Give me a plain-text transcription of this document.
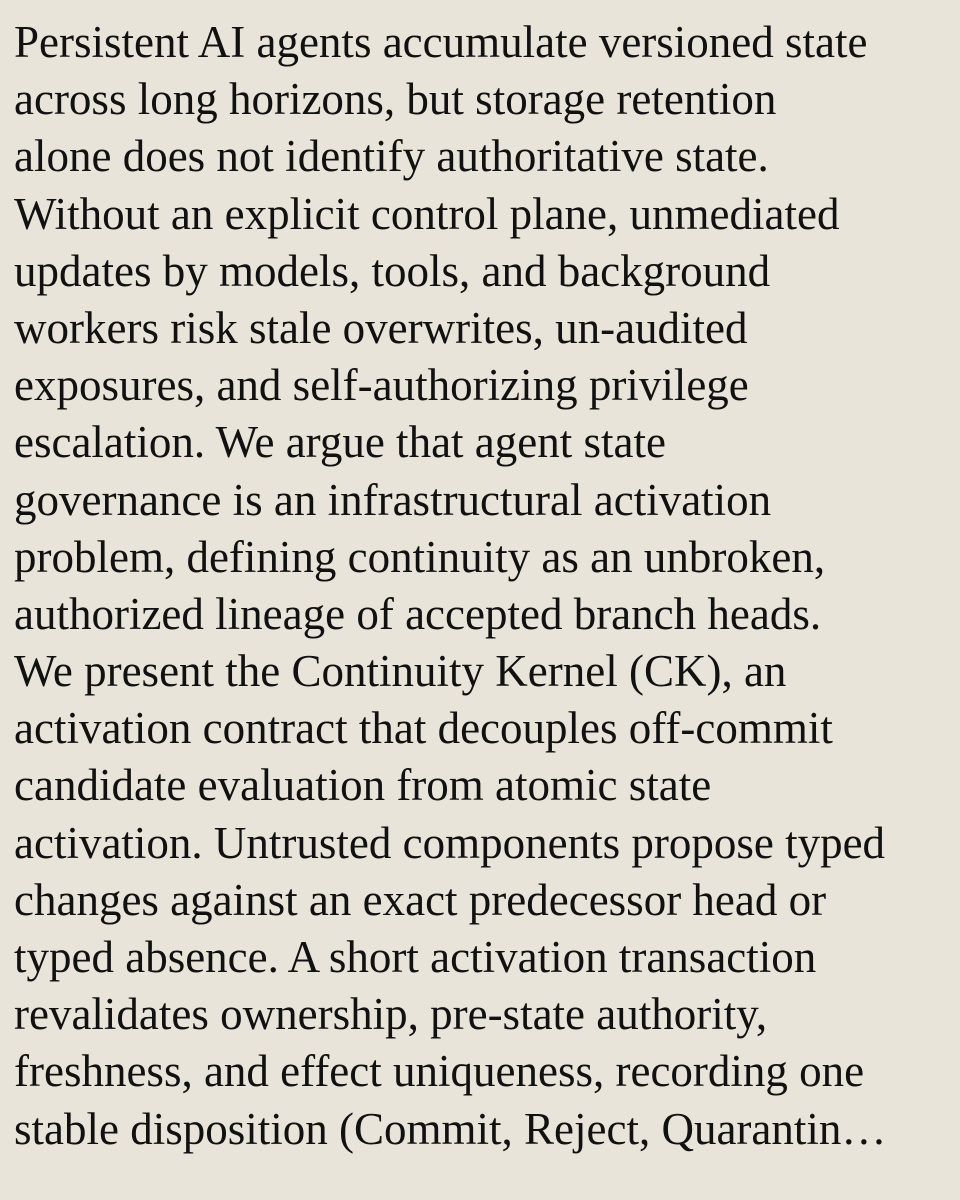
Persistent AI agents accumulate versioned state
across long horizons, but storage retention
alone does not identify authoritative state.
Without an explicit control plane, unmediated
updates by models, tools, and background
workers risk stale overwrites, un-audited
exposures, and self-authorizing privilege
escalation. We argue that agent state
governance is an infrastructural activation
problem, defining continuity as an unbroken,
authorized lineage of accepted branch heads.
We present the Continuity Kernel (CK), an
activation contract that decouples off-commit
candidate evaluation from atomic state
activation. Untrusted components propose typed
changes against an exact predecessor head or
typed absence. A short activation transaction
revalidates ownership, pre-state authority,
freshness, and effect uniqueness, recording one
stable disposition (Commit, Reject, Quarantin…
